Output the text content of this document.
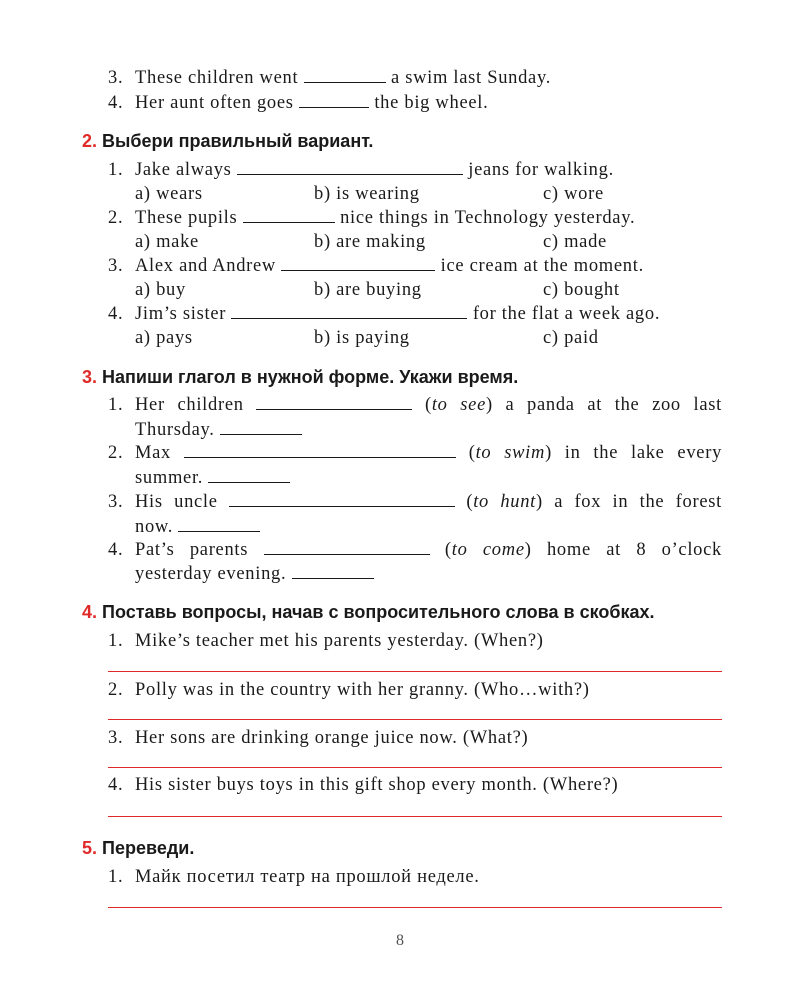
3. These children went	a swim last Sunday.
4. Her aunt often goes	the big wheel.
2. Выбери правильный вариант.
1. Jake always	jeans for walking.
a) wears	b) is wearing	c) wore
2. These pupils	nice things in Technology yesterday.
a) make	b) are making	c) made
3. Alex and Andrew	ice cream at the moment.
a) buy	b) are buying	c) bought
4. Jim’s sister	for the flat a week ago.
a) pays	b) is paying	c) paid
3. Напиши глагол в нужной форме. Укажи время.
1. Her children	(to see) a panda at the zoo last
Thursday.
2. Max	(to swim) in the lake every
summer.
3. His uncle	(to hunt) a fox in the forest
now.
4. Pat’s parents	(to come) home at 8 o’clock
yesterday evening.
4. Поставь вопросы, начав с вопросительного слова в скобках.
1. Mike’s teacher met his parents yesterday. (When?)
2. Polly was in the country with her granny. (Who…with?)
3. Her sons are drinking orange juice now. (What?)
4. His sister buys toys in this gift shop every month. (Where?)
5. Переведи.
1. Майк посетил театр на прошлой неделе.
8
